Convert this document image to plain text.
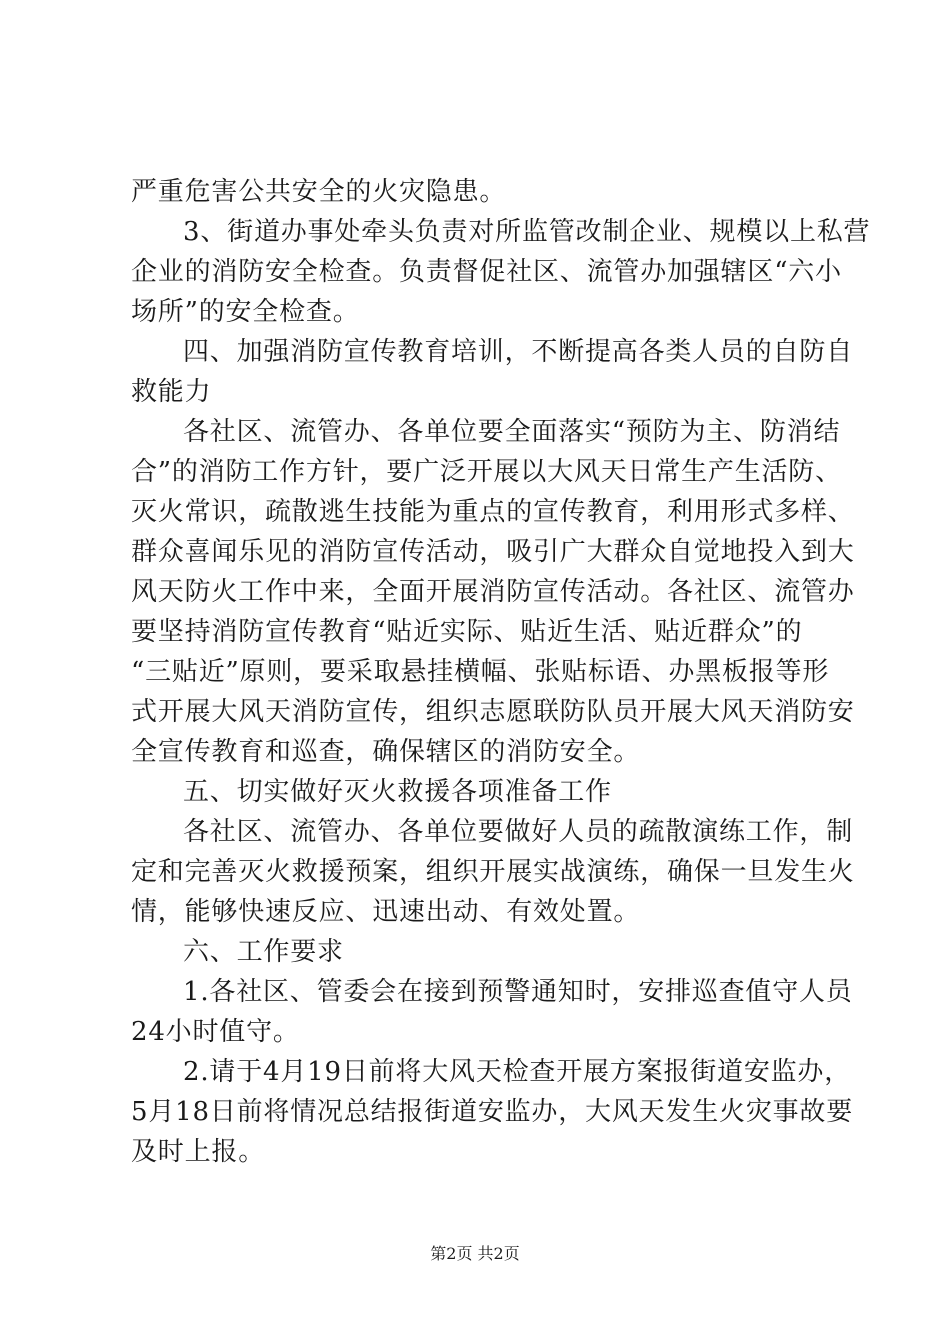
严重危害公共安全的火灾隐患。
3、街道办事处牵头负责对所监管改制企业、规模以上私营
企业的消防安全检查。负责督促社区、流管办加强辖区“六小
场所”的安全检查。
四、加强消防宣传教育培训，不断提高各类人员的自防自
救能力
各社区、流管办、各单位要全面落实“预防为主、防消结
合”的消防工作方针，要广泛开展以大风天日常生产生活防、
灭火常识，疏散逃生技能为重点的宣传教育，利用形式多样、
群众喜闻乐见的消防宣传活动，吸引广大群众自觉地投入到大
风天防火工作中来，全面开展消防宣传活动。各社区、流管办
要坚持消防宣传教育“贴近实际、贴近生活、贴近群众”的
“三贴近”原则，要采取悬挂横幅、张贴标语、办黑板报等形
式开展大风天消防宣传，组织志愿联防队员开展大风天消防安
全宣传教育和巡查，确保辖区的消防安全。
五、切实做好灭火救援各项准备工作
各社区、流管办、各单位要做好人员的疏散演练工作，制
定和完善灭火救援预案，组织开展实战演练，确保一旦发生火
情，能够快速反应、迅速出动、有效处置。
六、工作要求
1.各社区、管委会在接到预警通知时，安排巡查值守人员
24小时值守。
2.请于4月19日前将大风天检查开展方案报街道安监办，
5月18日前将情况总结报街道安监办，大风天发生火灾事故要
及时上报。
第2页 共2页
